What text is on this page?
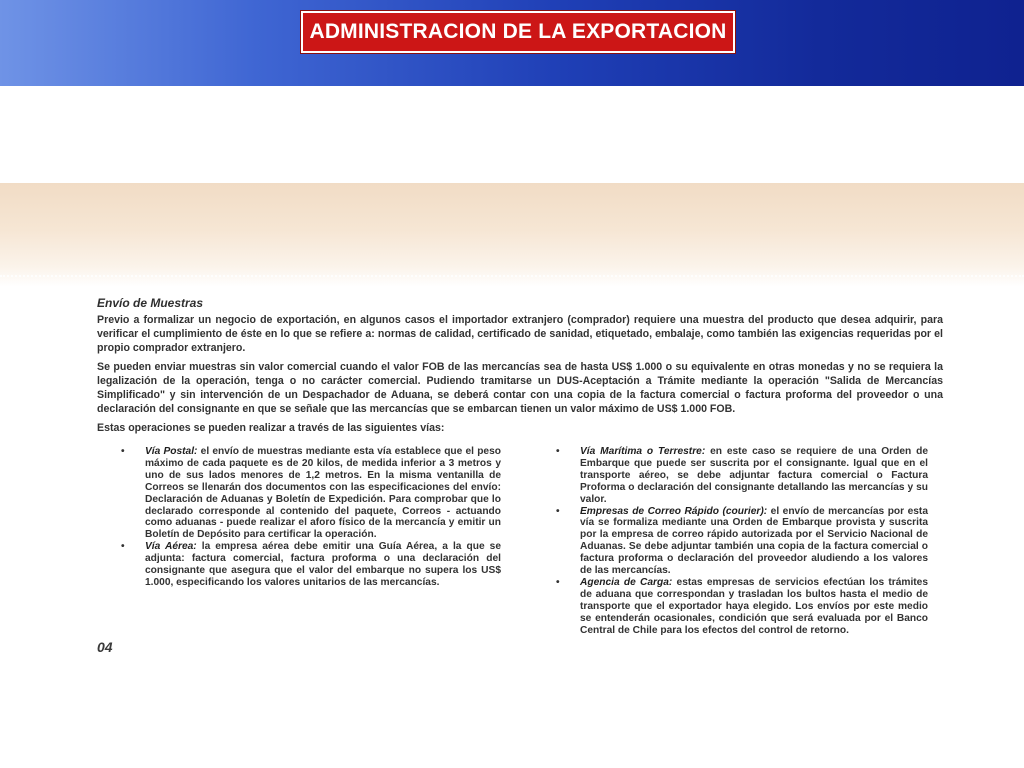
ADMINISTRACION DE LA EXPORTACION
Envío de Muestras
Previo a formalizar un negocio de exportación, en algunos casos el importador extranjero (comprador) requiere una muestra del producto que desea adquirir, para verificar el cumplimiento de éste en lo que se refiere a: normas de calidad, certificado de sanidad, etiquetado, embalaje, como también las exigencias requeridas por el propio comprador extranjero.
Se pueden enviar muestras sin valor comercial cuando el valor FOB de las mercancías sea de hasta US$ 1.000 o su equivalente en otras monedas y no se requiera la legalización de la operación, tenga o no carácter comercial. Pudiendo tramitarse un DUS-Aceptación a Trámite mediante la operación "Salida de Mercancías Simplificado" y sin intervención de un Despachador de Aduana, se deberá contar con una copia de la factura comercial o factura proforma del proveedor o una declaración del consignante en que se señale que las mercancías que se embarcan tienen un valor máximo de US$ 1.000 FOB.
Estas operaciones se pueden realizar a través de las siguientes vías:
• Vía Postal: el envío de muestras mediante esta vía establece que el peso máximo de cada paquete es de 20 kilos, de medida inferior a 3 metros y uno de sus lados menores de 1,2 metros. En la misma ventanilla de Correos se llenarán dos documentos con las especificaciones del envío: Declaración de Aduanas y Boletín de Expedición. Para comprobar que lo declarado corresponde al contenido del paquete, Correos - actuando como aduanas - puede realizar el aforo físico de la mercancía y emitir un Boletín de Depósito para certificar la operación.
• Vía Aérea: la empresa aérea debe emitir una Guía Aérea, a la que se adjunta: factura comercial, factura proforma o una declaración del consignante que asegura que el valor del embarque no supera los US$ 1.000, especificando los valores unitarios de las mercancías.
• Vía Marítima o Terrestre: en este caso se requiere de una Orden de Embarque que puede ser suscrita por el consignante. Igual que en el transporte aéreo, se debe adjuntar factura comercial o Factura Proforma o declaración del consignante detallando las mercancías y su valor.
• Empresas de Correo Rápido (courier): el envío de mercancías por esta vía se formaliza mediante una Orden de Embarque provista y suscrita por la empresa de correo rápido autorizada por el Servicio Nacional de Aduanas. Se debe adjuntar también una copia de la factura comercial o factura proforma o declaración del proveedor aludiendo a los valores de las mercancías.
• Agencia de Carga: estas empresas de servicios efectúan los trámites de aduana que correspondan y trasladan los bultos hasta el medio de transporte que el exportador haya elegido. Los envíos por este medio se entenderán ocasionales, condición que será evaluada por el Banco Central de Chile para los efectos del control de retorno.
04
